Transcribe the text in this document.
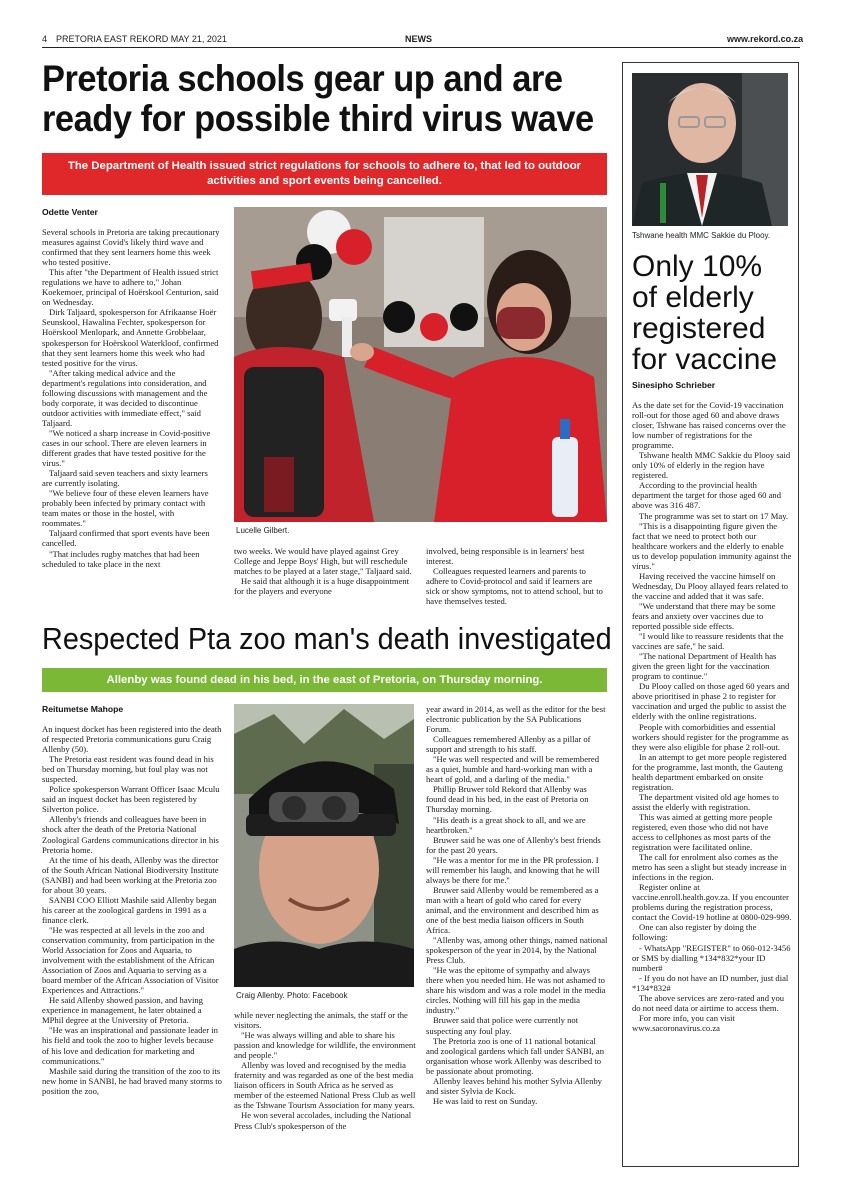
4 PRETORIA EAST REKORD MAY 21, 2021	NEWS	www.rekord.co.za
Pretoria schools gear up and are
ready for possible third virus wave
The Department of Health issued strict regulations for schools to adhere to, that led to outdoor activities and sport events being cancelled.
Odette Venter

Several schools in Pretoria are taking precautionary measures against Covid's likely third wave and confirmed that they sent learners home this week who tested positive.

This after "the Department of Health issued strict regulations we have to adhere to," Johan Koekemoer, principal of Hoërskool Centurion, said on Wednesday.

Dirk Taljaard, spokesperson for Afrikaanse Hoër Seunskool, Hawalina Fechter, spokesperson for Hoërskool Menlopark, and Annette Grobbelaar, spokesperson for Hoërskool Waterkloof, confirmed that they sent learners home this week who had tested positive for the virus.

"After taking medical advice and the department's regulations into consideration, and following discussions with management and the body corporate, it was decided to discontinue outdoor activities with immediate effect," said Taljaard.

"We noticed a sharp increase in Covid-positive cases in our school. There are eleven learners in different grades that have tested positive for the virus."

Taljaard said seven teachers and sixty learners are currently isolating.

"We believe four of these eleven learners have probably been infected by primary contact with team mates or those in the hostel, with roommates."

Taljaard confirmed that sport events have been cancelled.

"That includes rugby matches that had been scheduled to take place in the next

Lucelle Gilbert.

two weeks. We would have played against Grey College and Jeppe Boys' High, but will reschedule matches to be played at a later stage," Taljaard said.

He said that although it is a huge disappointment for the players and everyone

involved, being responsible is in learners' best interest.

Colleagues requested learners and parents to adhere to Covid-protocol and said if learners are sick or show symptoms, not to attend school, but to have themselves tested.

Respected Pta zoo man's death investigated
Allenby was found dead in his bed, in the east of Pretoria, on Thursday morning.
Reitumetse Mahope

An inquest docket has been registered into the death of respected Pretoria communications guru Craig Allenby (50).

The Pretoria east resident was found dead in his bed on Thursday morning, but foul play was not suspected.

Police spokesperson Warrant Officer Isaac Mculu said an inquest docket has been registered by Silverton police.

Allenby's friends and colleagues have been in shock after the death of the Pretoria National Zoological Gardens communications director in his Pretoria home.

At the time of his death, Allenby was the director of the South African National Biodiversity Institute (SANBI) and had been working at the Pretoria zoo for about 30 years.

SANBI COO Elliott Mashile said Allenby began his career at the zoological gardens in 1991 as a finance clerk.

"He was respected at all levels in the zoo and conservation community, from participation in the World Association for Zoos and Aquaria, to involvement with the establishment of the African Association of Zoos and Aquaria to serving as a board member of the African Association of Visitor Experiences and Attractions."

He said Allenby showed passion, and having experience in management, he later obtained a MPhil degree at the University of Pretoria.

"He was an inspirational and passionate leader in his field and took the zoo to higher levels because of his love and dedication for marketing and communications."

Mashile said during the transition of the zoo to its new home in SANBI, he had braved many storms to position the zoo,

Craig Allenby. Photo: Facebook

while never neglecting the animals, the staff or the visitors.

"He was always willing and able to share his passion and knowledge for wildlife, the environment and people."

Allenby was loved and recognised by the media fraternity and was regarded as one of the best media liaison officers in South Africa as he served as member of the esteemed National Press Club as well as the Tshwane Tourism Association for many years.

He won several accolades, including the National Press Club's spokesperson of the

year award in 2014, as well as the editor for the best electronic publication by the SA Publications Forum.

Colleagues remembered Allenby as a pillar of support and strength to his staff.

"He was well respected and will be remembered as a quiet, humble and hard-working man with a heart of gold, and a darling of the media."

Phillip Bruwer told Rekord that Allenby was found dead in his bed, in the east of Pretoria on Thursday morning.

"His death is a great shock to all, and we are heartbroken."

Bruwer said he was one of Allenby's best friends for the past 20 years.

"He was a mentor for me in the PR profession. I will remember his laugh, and knowing that he will always be there for me."

Bruwer said Allenby would be remembered as a man with a heart of gold who cared for every animal, and the environment and described him as one of the best media liaison officers in South Africa.

"Allenby was, among other things, named national spokesperson of the year in 2014, by the National Press Club.

"He was the epitome of sympathy and always there when you needed him. He was not ashamed to share his wisdom and was a role model in the media circles. Nothing will fill his gap in the media industry."

Bruwer said that police were currently not suspecting any foul play.

The Pretoria zoo is one of 11 national botanical and zoological gardens which fall under SANBI, an organisation whose work Allenby was described to be passionate about promoting.

Allenby leaves behind his mother Sylvia Allenby and sister Sylvia de Kock.

He was laid to rest on Sunday.

Tshwane health MMC Sakkie du Plooy.
Only 10% of elderly registered for vaccine
Sinesipho Schrieber

As the date set for the Covid-19 vaccination roll-out for those aged 60 and above draws closer, Tshwane has raised concerns over the low number of registrations for the programme.

Tshwane health MMC Sakkie du Plooy said only 10% of elderly in the region have registered.

According to the provincial health department the target for those aged 60 and above was 316 487.

The programme was set to start on 17 May.

"This is a disappointing figure given the fact that we need to protect both our healthcare workers and the elderly to enable us to develop population immunity against the virus."

Having received the vaccine himself on Wednesday, Du Plooy allayed fears related to the vaccine and added that it was safe.

"We understand that there may be some fears and anxiety over vaccines due to reported possible side effects.

"I would like to reassure residents that the vaccines are safe," he said.

"The national Department of Health has given the green light for the vaccination program to continue."

Du Plooy called on those aged 60 years and above prioritised in phase 2 to register for vaccination and urged the public to assist the elderly with the online registrations.

People with comorbidities and essential workers should register for the programme as they were also eligible for phase 2 roll-out.

In an attempt to get more people registered for the programme, last month, the Gauteng health department embarked on onsite registration.

The department visited old age homes to assist the elderly with registration.

This was aimed at getting more people registered, even those who did not have access to cellphones as most parts of the registration were facilitated online.

The call for enrolment also comes as the metro has seen a slight but steady increase in infections in the region.

Register online at vaccine.enroll.health.gov.za. If you encounter problems during the registration process, contact the Covid-19 hotline at 0800-029-999.

One can also register by doing the following:

- WhatsApp "REGISTER" to 060-012-3456 or SMS by dialling *134*832*your ID number#

- If you do not have an ID number, just dial *134*832#

The above services are zero-rated and you do not need data or airtime to access them.

For more info, you can visit www.sacoronavirus.co.za
